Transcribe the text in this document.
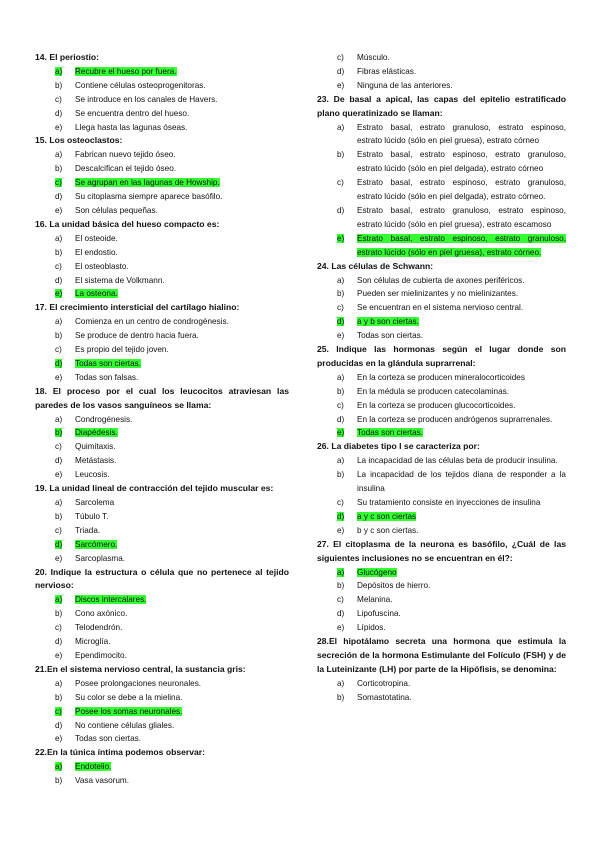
14. El periostio:

a)	Recubre el hueso por fuera.
b)	Contiene células osteoprogenitoras.
c)	Se introduce en los canales de Havers.
d)	Se encuentra dentro del hueso.
e)	Llega hasta las lagunas óseas.

15. Los osteoclastos:

a)	Fabrican nuevo tejido óseo.
b)	Descalcifican el tejido óseo.
c)	Se agrupan en las lagunas de Howship.
d)	Su citoplasma siempre aparece basófilo.
e)	Son células pequeñas.

16. La unidad básica del hueso compacto es:

a)	El osteoide.
b)	El endostio.
c)	El osteoblasto.
d)	El sistema de Volkmann.
e)	La osteona.

17. El crecimiento intersticial del cartílago hialino:

a)	Comienza en un centro de condrogénesis.
b)	Se produce de dentro hacia fuera.
c)	Es propio del tejido joven.
d)	Todas son ciertas.
e)	Todas son falsas.

18. El proceso por el cual los leucocitos atraviesan las paredes de los vasos sanguíneos se llama:

a)	Condrogénesis.
b)	Diapédesis.
c)	Quimitaxis.
d)	Metástasis.
e)	Leucosis.

19. La unidad lineal de contracción del tejido muscular es:

a)	Sarcolema
b)	Túbulo T.
c)	Triada.
d)	Sarcómero.
e)	Sarcoplasma.

20. Indique la estructura o célula que no pertenece al tejido nervioso:

a)	Discos intercalares.
b)	Cono axónico.
c)	Telodendrón.
d)	Microglía.
e)	Ependimocito.

21.En el sistema nervioso central, la sustancia gris:

a)	Posee prolongaciones neuronales.
b)	Su color se debe a la mielina.
c)	Posee los somas neuronales.
d)	No contiene células gliales.
e)	Todas son ciertas.

22.En la túnica íntima podemos observar:

a)	Endotelio.
b)	Vasa vasorum.
c)	Músculo.
d)	Fibras elásticas.
e)	Ninguna de las anteriores.

23. De basal a apical, las capas del epitelio estratificado plano queratinizado se llaman:

a)	Estrato basal, estrato granuloso, estrato espinoso, estrato lúcido (sólo en piel gruesa), estrato córneo
b)	Estrato basal, estrato espinoso, estrato granuloso, estrato lúcido (sólo en piel delgada), estrato córneo
c)	Estrato basal, estrato espinoso, estrato granuloso, estrato lúcido (sólo en piel delgada), estrato córneo.
d)	Estrato basal, estrato granuloso, estrato espinoso, estrato lúcido (sólo en piel gruesa), estrato escamoso
e)	Estrato basal, estrato espinoso, estrato granuloso, estrato lúcido (sólo en piel gruesa), estrato córneo.

24. Las células de Schwann:

a)	Son células de cubierta de axones periféricos.
b)	Pueden ser mielinizantes y no mielinizantes.
c)	Se encuentran en el sistema nervioso central.
d)	a y b son ciertas.
e)	Todas son ciertas.

25. Indique las hormonas según el lugar donde son producidas en la glándula suprarrenal:

a)	En la corteza se producen mineralocorticoides
b)	En la médula se producen catecolaminas.
c)	En la corteza se producen glucocorticoides.
d)	En la corteza se producen andrógenos suprarrenales.
e)	Todas son ciertas.

26. La diabetes tipo I se caracteriza por:

a)	La incapacidad de las células beta de producir insulina.
b)	La incapacidad de los tejidos diana de responder a la insulina
c)	Su tratamiento consiste en inyecciones de insulina
d)	a y c son ciertas
e)	b y c son ciertas.

27. El citoplasma de la neurona es basófilo, ¿Cuál de las siguientes inclusiones no se encuentran en él?:

a)	Glucógeno
b)	Depósitos de hierro.
c)	Melanina.
d)	Lipofuscina.
e)	Lípidos.

28.El hipotálamo secreta una hormona que estimula la secreción de la hormona Estimulante del Folículo (FSH) y de la Luteinizante (LH) por parte de la Hipófisis, se denomina:

a)	Corticotropina.
b)	Somastotatina.
